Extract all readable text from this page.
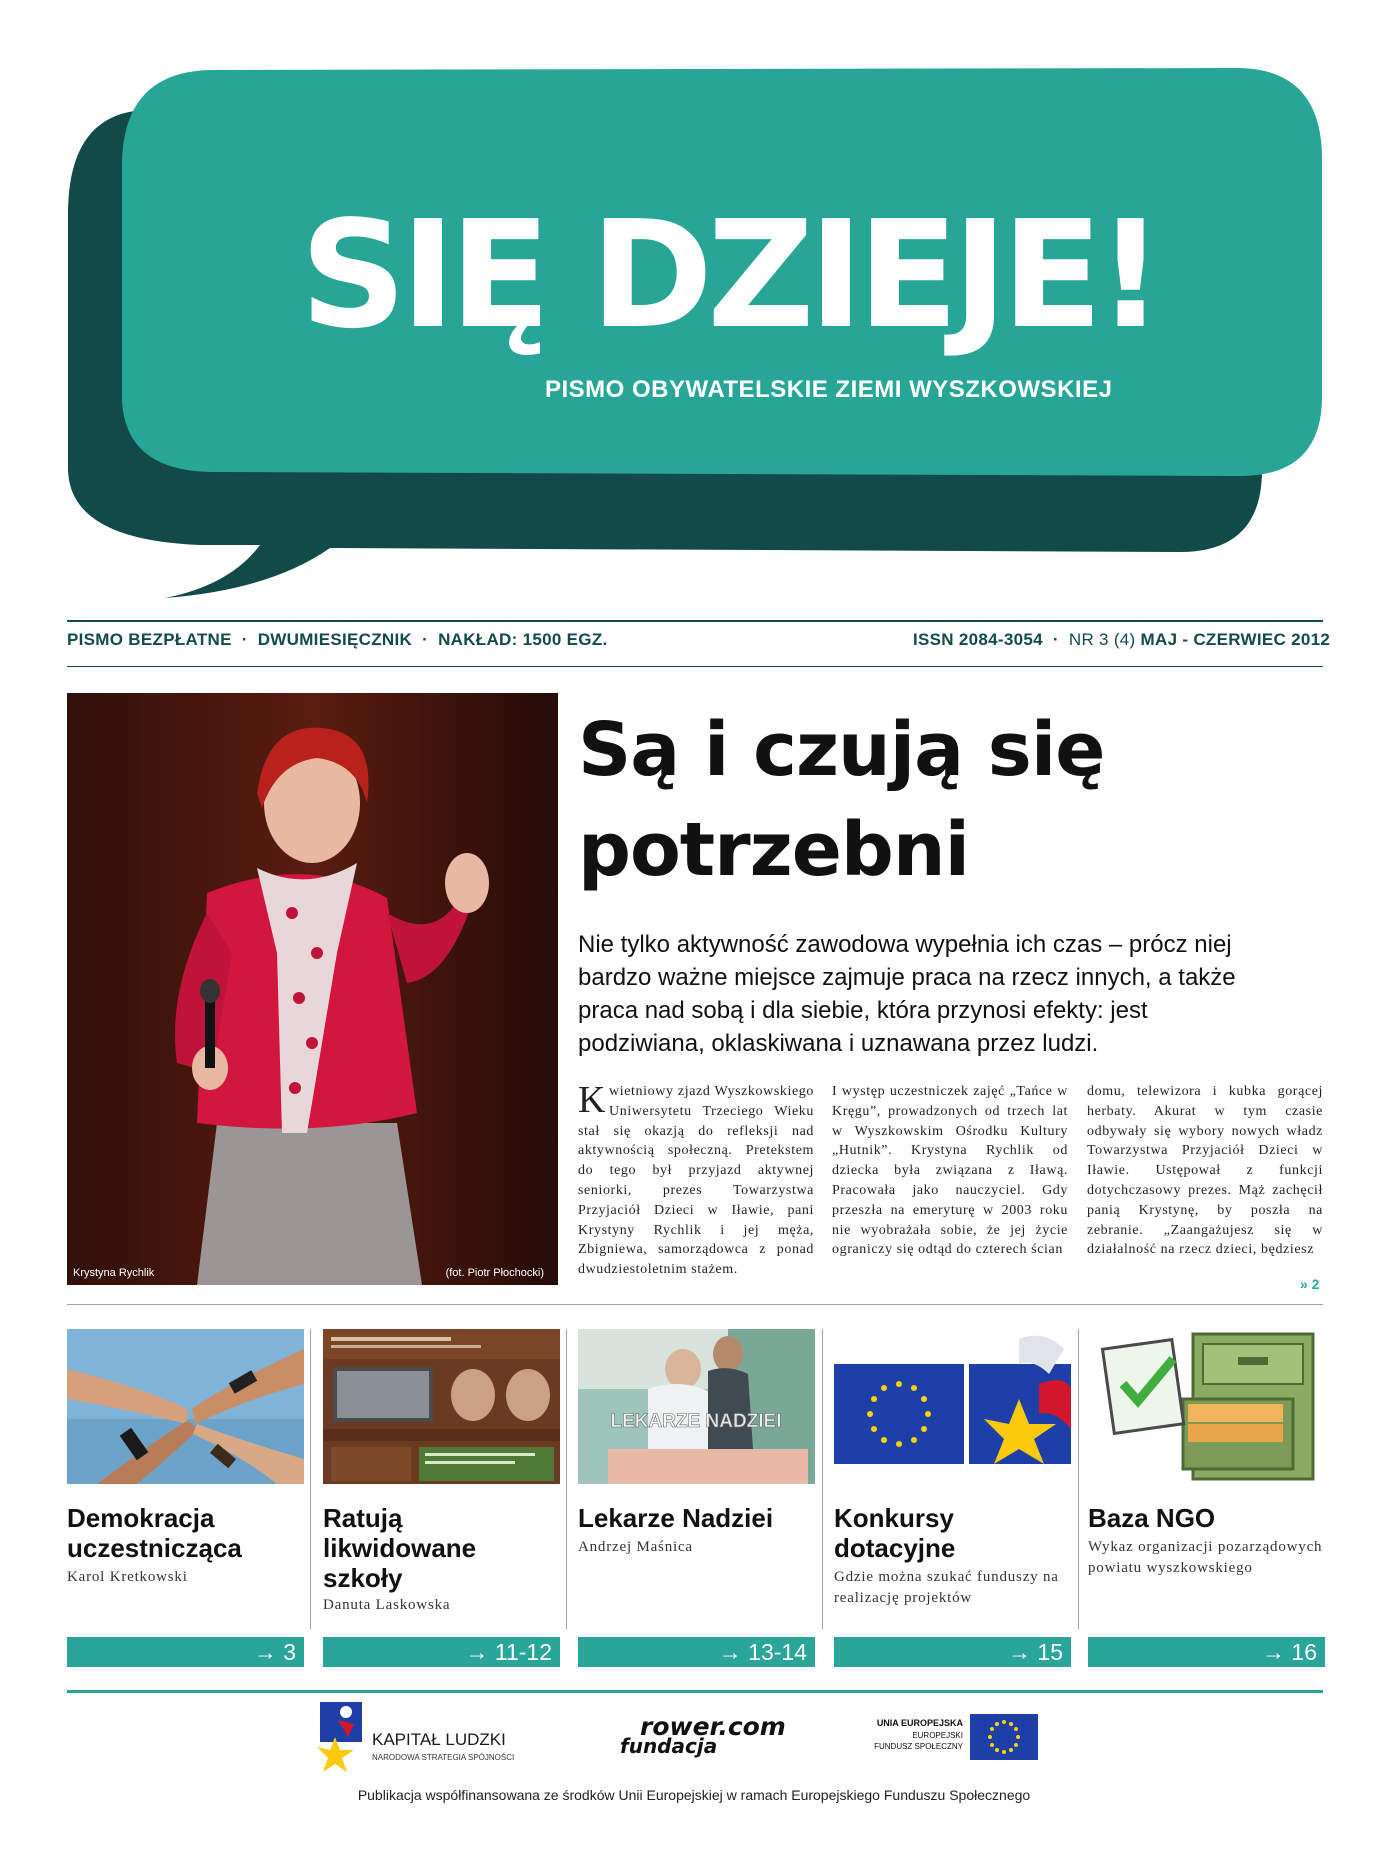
SIĘ DZIEJE!
PISMO OBYWATELSKIE ZIEMI WYSZKOWSKIEJ
PISMO BEZPŁATNE · DWUMIESIĘCZNIK · NAKŁAD: 1500 EGZ.	ISSN 2084-3054 · NR 3 (4) MAJ - CZERWIEC 2012
Krystyna Rychlik	(fot. Piotr Płochocki)
Są i czują się potrzebni
Nie tylko aktywność zawodowa wypełnia ich czas – prócz niej bardzo ważne miejsce zajmuje praca na rzecz innych, a także praca nad sobą i dla siebie, która przynosi efekty: jest podziwiana, oklaskiwana i uznawana przez ludzi.
Kwietniowy zjazd Wyszkowskiego Uniwersytetu Trzeciego Wieku stał się okazją do refleksji nad aktywnością społeczną. Pretekstem do tego był przyjazd aktywnej seniorki, prezes Towarzystwa Przyjaciół Dzieci w Iławie, pani Krystyny Rychlik i jej męża, Zbigniewa, samorządowca z ponad dwudziestoletnim stażem.
I występ uczestniczek zajęć „Tańce w Kręgu”, prowadzonych od trzech lat w Wyszkowskim Ośrodku Kultury „Hutnik”. Krystyna Rychlik od dziecka była związana z Iławą. Pracowała jako nauczyciel. Gdy przeszła na emeryturę w 2003 roku nie wyobrażała sobie, że jej życie ograniczy się odtąd do czterech ścian
domu, telewizora i kubka gorącej herbaty. Akurat w tym czasie odbywały się wybory nowych władz Towarzystwa Przyjaciół Dzieci w Iławie. Ustępował z funkcji dotychczasowy prezes. Mąż zachęcił panią Krystynę, by poszła na zebranie. „Zaangażujesz się w działalność na rzecz dzieci, będziesz
» 2
Demokracja uczestnicząca
Karol Kretkowski
→ 3
Ratują likwidowane szkoły
Danuta Laskowska
→ 11-12
LEKARZE NADZIEI
Lekarze Nadziei
Andrzej Maśnica
→ 13-14
Konkursy dotacyjne
Gdzie można szukać funduszy na realizację projektów
→ 15
Baza NGO
Wykaz organizacji pozarządowych powiatu wyszkowskiego
→ 16
KAPITAŁ LUDZKI
NARODOWA STRATEGIA SPÓJNOŚCI
rower.com
fundacja
UNIA EUROPEJSKA
EUROPEJSKI
FUNDUSZ SPOŁECZNY
Publikacja współfinansowana ze środków Unii Europejskiej w ramach Europejskiego Funduszu Społecznego
